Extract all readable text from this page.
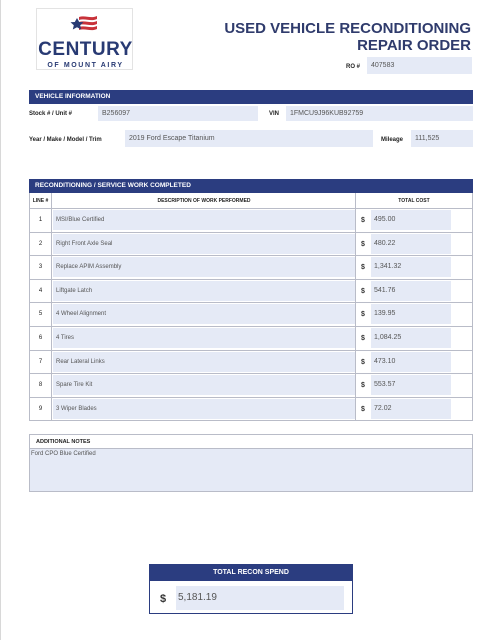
CENTURY
OF MOUNT AIRY
USED VEHICLE RECONDITIONING
REPAIR ORDER
RO #	407583
VEHICLE INFORMATION
Stock # / Unit #	B256097	VIN	1FMCU9J96KUB92759
Year / Make / Model / Trim	2019 Ford Escape Titanium	Mileage	111,525
RECONDITIONING / SERVICE WORK COMPLETED
LINE #	DESCRIPTION OF WORK PERFORMED	TOTAL COST
1	MSI/Blue Certified	$	495.00
2	Right Front Axle Seal	$	480.22
3	Replace APIM Assembly	$	1,341.32
4	Liftgate Latch	$	541.76
5	4 Wheel Alignment	$	139.95
6	4 Tires	$	1,084.25
7	Rear Lateral Links	$	473.10
8	Spare Tire Kit	$	553.57
9	3 Wiper Blades	$	72.02
ADDITIONAL NOTES
Ford CPO Blue Certified
TOTAL RECON SPEND
$ 5,181.19
